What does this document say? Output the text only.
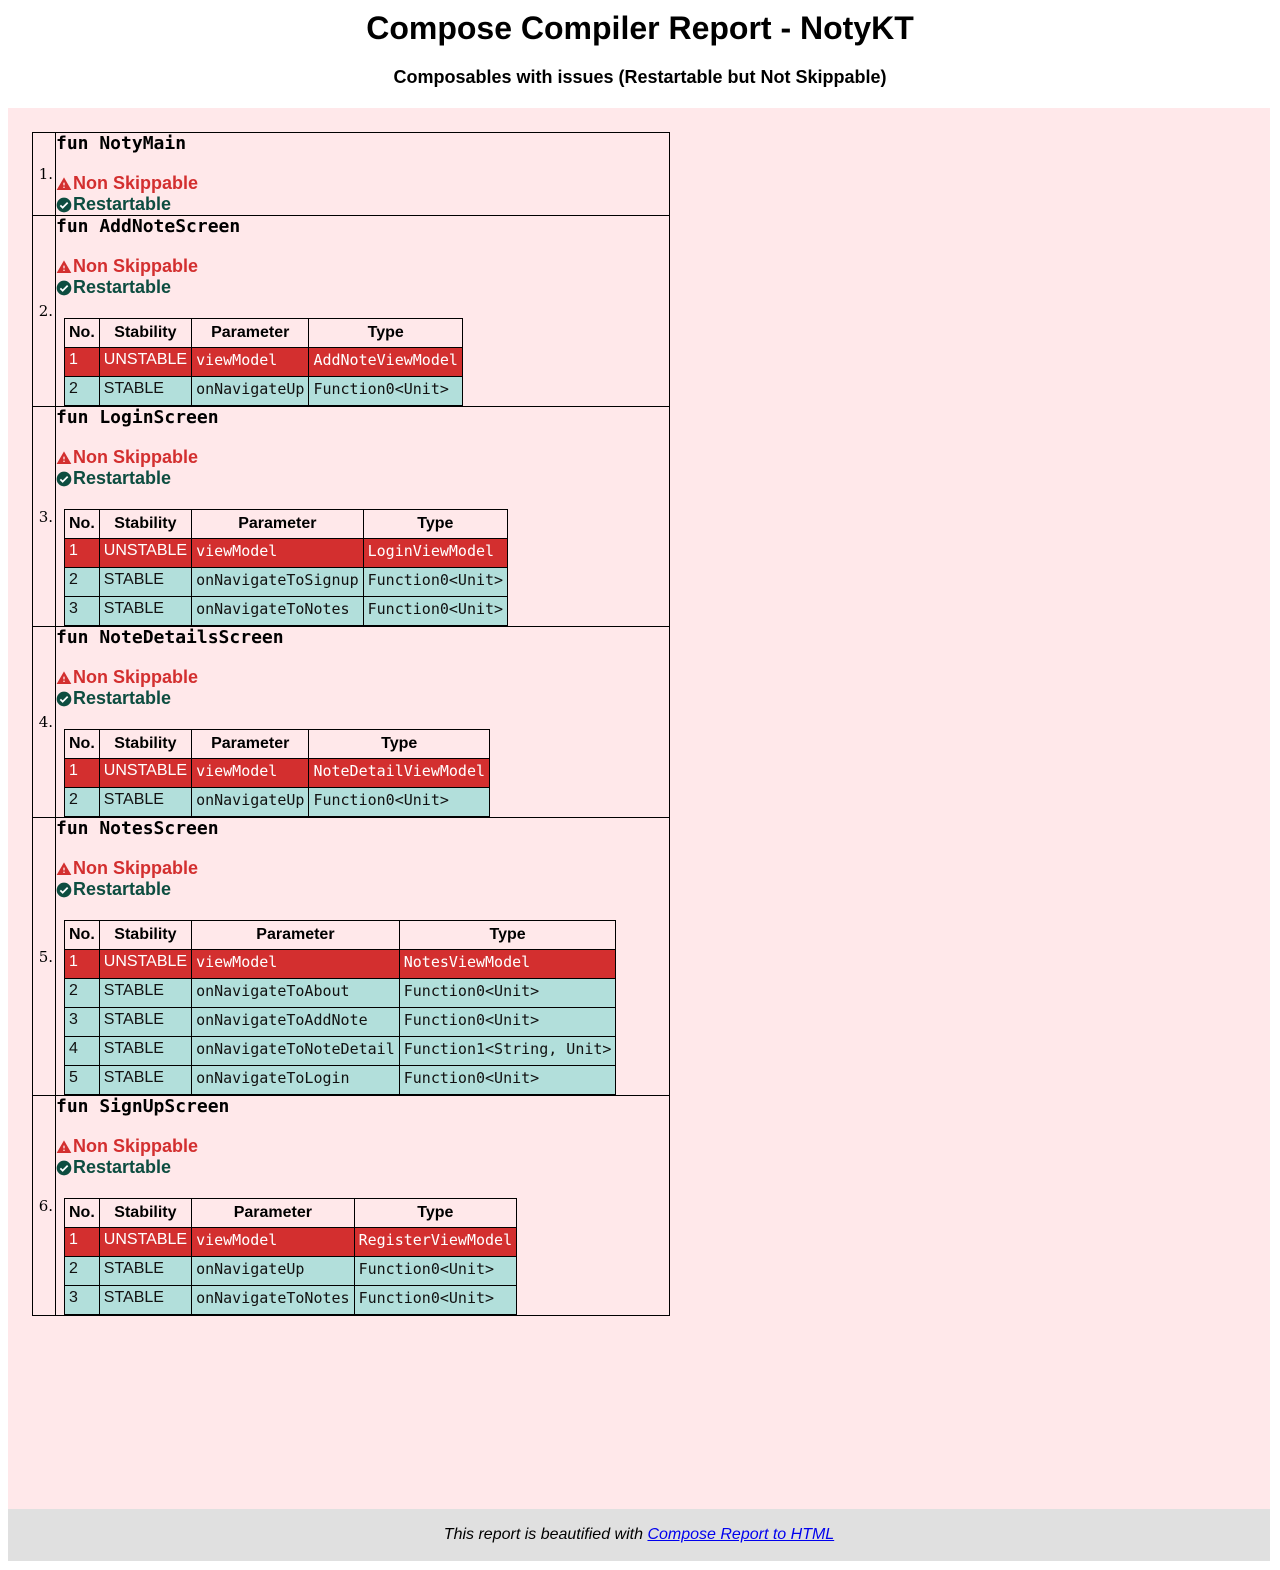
Compose Compiler Report - NotyKT
Composables with issues (Restartable but Not Skippable)
1.	
fun NotyMain
Non Skippable
Restartable

2.	
fun AddNoteScreen
Non Skippable
Restartable
No.	Stability	Parameter	Type
1	UNSTABLE	viewModel	AddNoteViewModel
2	STABLE	onNavigateUp	Function0<Unit>

3.	
fun LoginScreen
Non Skippable
Restartable
No.	Stability	Parameter	Type
1	UNSTABLE	viewModel	LoginViewModel
2	STABLE	onNavigateToSignup	Function0<Unit>
3	STABLE	onNavigateToNotes	Function0<Unit>

4.	
fun NoteDetailsScreen
Non Skippable
Restartable
No.	Stability	Parameter	Type
1	UNSTABLE	viewModel	NoteDetailViewModel
2	STABLE	onNavigateUp	Function0<Unit>

5.	
fun NotesScreen
Non Skippable
Restartable
No.	Stability	Parameter	Type
1	UNSTABLE	viewModel	NotesViewModel
2	STABLE	onNavigateToAbout	Function0<Unit>
3	STABLE	onNavigateToAddNote	Function0<Unit>
4	STABLE	onNavigateToNoteDetail	Function1<String, Unit>
5	STABLE	onNavigateToLogin	Function0<Unit>

6.	
fun SignUpScreen
Non Skippable
Restartable
No.	Stability	Parameter	Type
1	UNSTABLE	viewModel	RegisterViewModel
2	STABLE	onNavigateUp	Function0<Unit>
3	STABLE	onNavigateToNotes	Function0<Unit>
This report is beautified with Compose Report to HTML
